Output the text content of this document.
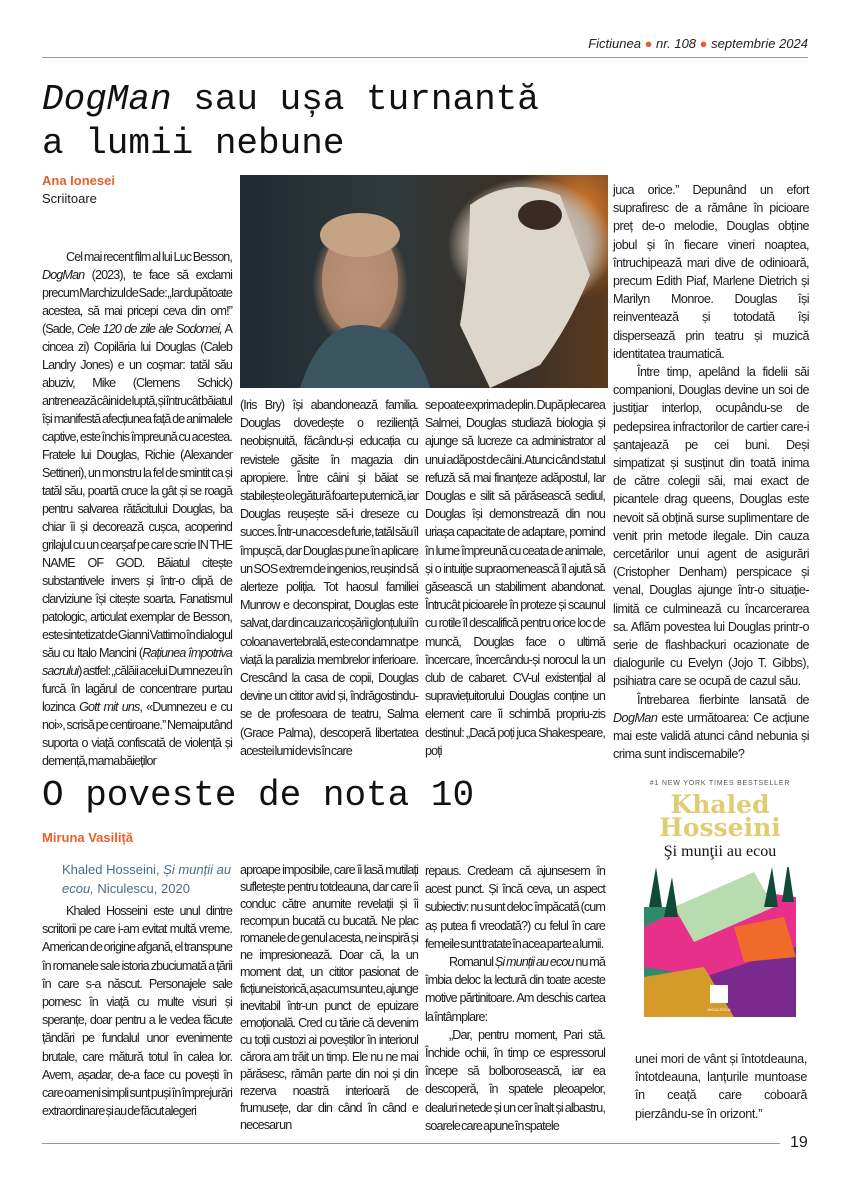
Fictiunea ● nr. 108 ● septembrie 2024
DogMan sau ușa turnantă
a lumii nebune
Ana Ionesei
Scriitoare

Cel mai recent film al lui Luc Besson, DogMan (2023), te face să exclami precum Marchizul de Sade: „Iar după toate acestea, să mai pricepi ceva din om!” (Sade, Cele 120 de zile ale Sodomei, A cincea zi) Copilăria lui Douglas (Caleb Landry Jones) e un coșmar: tatăl său abuziv, Mike (Clemens Schick) antrenează câini de luptă, și întrucât băiatul își manifestă afecțiunea față de animalele captive, este închis împreună cu acestea. Fratele lui Douglas, Richie (Alexander Settineri), un monstru la fel de smintit ca și tatăl său, poartă cruce la gât și se roagă pentru salvarea rătăcitului Douglas, ba chiar îi și decorează cușca, acoperind grilajul cu un cearșaf pe care scrie IN THE NAME OF GOD. Băiatul citește substantivele invers și într-o clipă de clarviziune își citește soarta. Fanatismul patologic, articulat exemplar de Besson, este sintetizat de Gianni Vattimo în dialogul său cu Italo Mancini (Rațiunea împotriva sacrului) astfel: „călăii acelui Dumnezeu în furcă în lagărul de concentrare purtau lozinca Gott mit uns, «Dumnezeu e cu noi», scrisă pe centiroane.” Nemaiputând suporta o viață confiscată de violență și demență, mama băieților

(Iris Bry) își abandonează familia. Douglas dovedește o reziliență neobișnuită, făcându-și educația cu revistele găsite în magazia din apropiere. Între câini și băiat se stabilește o legătură foarte puternică, iar Douglas reușește să-i dreseze cu succes. Într-un acces de furie, tatăl său îl împușcă, dar Douglas pune în aplicare un SOS extrem de ingenios, reușind să alerteze poliția. Tot haosul familiei Munrow e deconspirat, Douglas este salvat, dar din cauza ricoșării glonțului în coloana vertebrală, este condamnat pe viață la paralizia membrelor inferioare. Crescând la casa de copii, Douglas devine un cititor avid și, îndrăgostindu-se de profesoara de teatru, Salma (Grace Palma), descoperă libertatea acestei lumi de vis în care

se poate exprima deplin. După plecarea Salmei, Douglas studiază biologia și ajunge să lucreze ca administrator al unui adăpost de câini. Atunci când statul refuză să mai finanțeze adăpostul, Iar Douglas e silit să părăsească sediul, Douglas își demonstrează din nou uriașa capacitate de adaptare, pornind în lume împreună cu ceata de animale, și o intuiție supraomenească îl ajută să găsească un stabiliment abandonat. Întrucât picioarele în proteze și scaunul cu rotile îl descalifică pentru orice loc de muncă, Douglas face o ultimă încercare, încercându-și norocul la un club de cabaret. CV-ul existențial al supraviețuitorului Douglas conține un element care îi schimbă propriu-zis destinul: „Dacă poți juca Shakespeare, poți

juca orice.” Depunând un efort suprafiresc de a rămâne în picioare preț de-o melodie, Douglas obține jobul și în fiecare vineri noaptea, întruchipează mari dive de odinioară, precum Edith Piaf, Marlene Dietrich și Marilyn Monroe. Douglas își reinventează și totodată își dispersează prin teatru și muzică identitatea traumatică.

Între timp, apelând la fidelii săi companioni, Douglas devine un soi de justițiar interlop, ocupându-se de pedepsirea infractorilor de cartier care-i șantajează pe cei buni. Deși simpatizat și susținut din toată inima de către colegii săi, mai exact de picantele drag queens, Douglas este nevoit să obțină surse suplimentare de venit prin metode ilegale. Din cauza cercetărilor unui agent de asigurări (Cristopher Denham) perspicace și venal, Douglas ajunge într-o situație-limită ce culminează cu încarcerarea sa. Aflăm povestea lui Douglas printr-o serie de flashbackuri ocazionate de dialogurile cu Evelyn (Jojo T. Gibbs), psihiatra care se ocupă de cazul său.

Întrebarea fierbinte lansată de DogMan este următoarea: Ce acțiune mai este validă atunci când nebunia și crima sunt indiscernabile?

O poveste de nota 10
Miruna Vasiliță
Khaled Hosseini, Și munții au ecou, Niculescu, 2020

Khaled Hosseini este unul dintre scriitorii pe care i-am evitat multă vreme. American de origine afgană, el transpune în romanele sale istoria zbuciumată a țării în care s-a născut. Personajele sale pornesc în viață cu multe visuri și speranțe, doar pentru a le vedea făcute țăndări pe fundalul unor evenimente brutale, care mătură totul în calea lor. Avem, așadar, de-a face cu povești în care oameni simpli sunt puși în împrejurări extraordinare și au de făcut alegeri

aproape imposibile, care îi lasă mutilați sufletește pentru totdeauna, dar care îi conduc către anumite revelații și îi recompun bucată cu bucată. Ne plac romanele de genul acesta, ne inspiră și ne impresionează. Doar că, la un moment dat, un cititor pasionat de ficțiune istorică, așa cum sunt eu, ajunge inevitabil într-un punct de epuizare emoțională. Cred cu tărie că devenim cu toții custozi ai poveștilor în interiorul cărora am trăit un timp. Ele nu ne mai părăsesc, rămân parte din noi și din rezerva noastră interioară de frumusețe, dar din când în când e necesar un

repaus. Credeam că ajunsesem în acest punct. Și încă ceva, un aspect subiectiv: nu sunt deloc împăcată (cum aș putea fi vreodată?) cu felul în care femeile sunt tratate în acea parte a lumii.

Romanul Și munții au ecou nu mă îmbia deloc la lectură din toate aceste motive părtinitoare. Am deschis cartea la întâmplare:

„Dar, pentru moment, Pari stă. Închide ochii, în timp ce espressorul începe să bolborosească, iar ea descoperă, în spatele pleoapelor, dealuri netede și un cer înalt și albastru, soarele care apune în spatele

unei mori de vânt și întotdeauna, întotdeauna, lanțurile muntoase în ceață care coboară pierzându-se în orizont.”

#1 NEW YORK TIMES BESTSELLER
Khaled
Hosseini
Şi munţii au ecou
NICULESCU
19
